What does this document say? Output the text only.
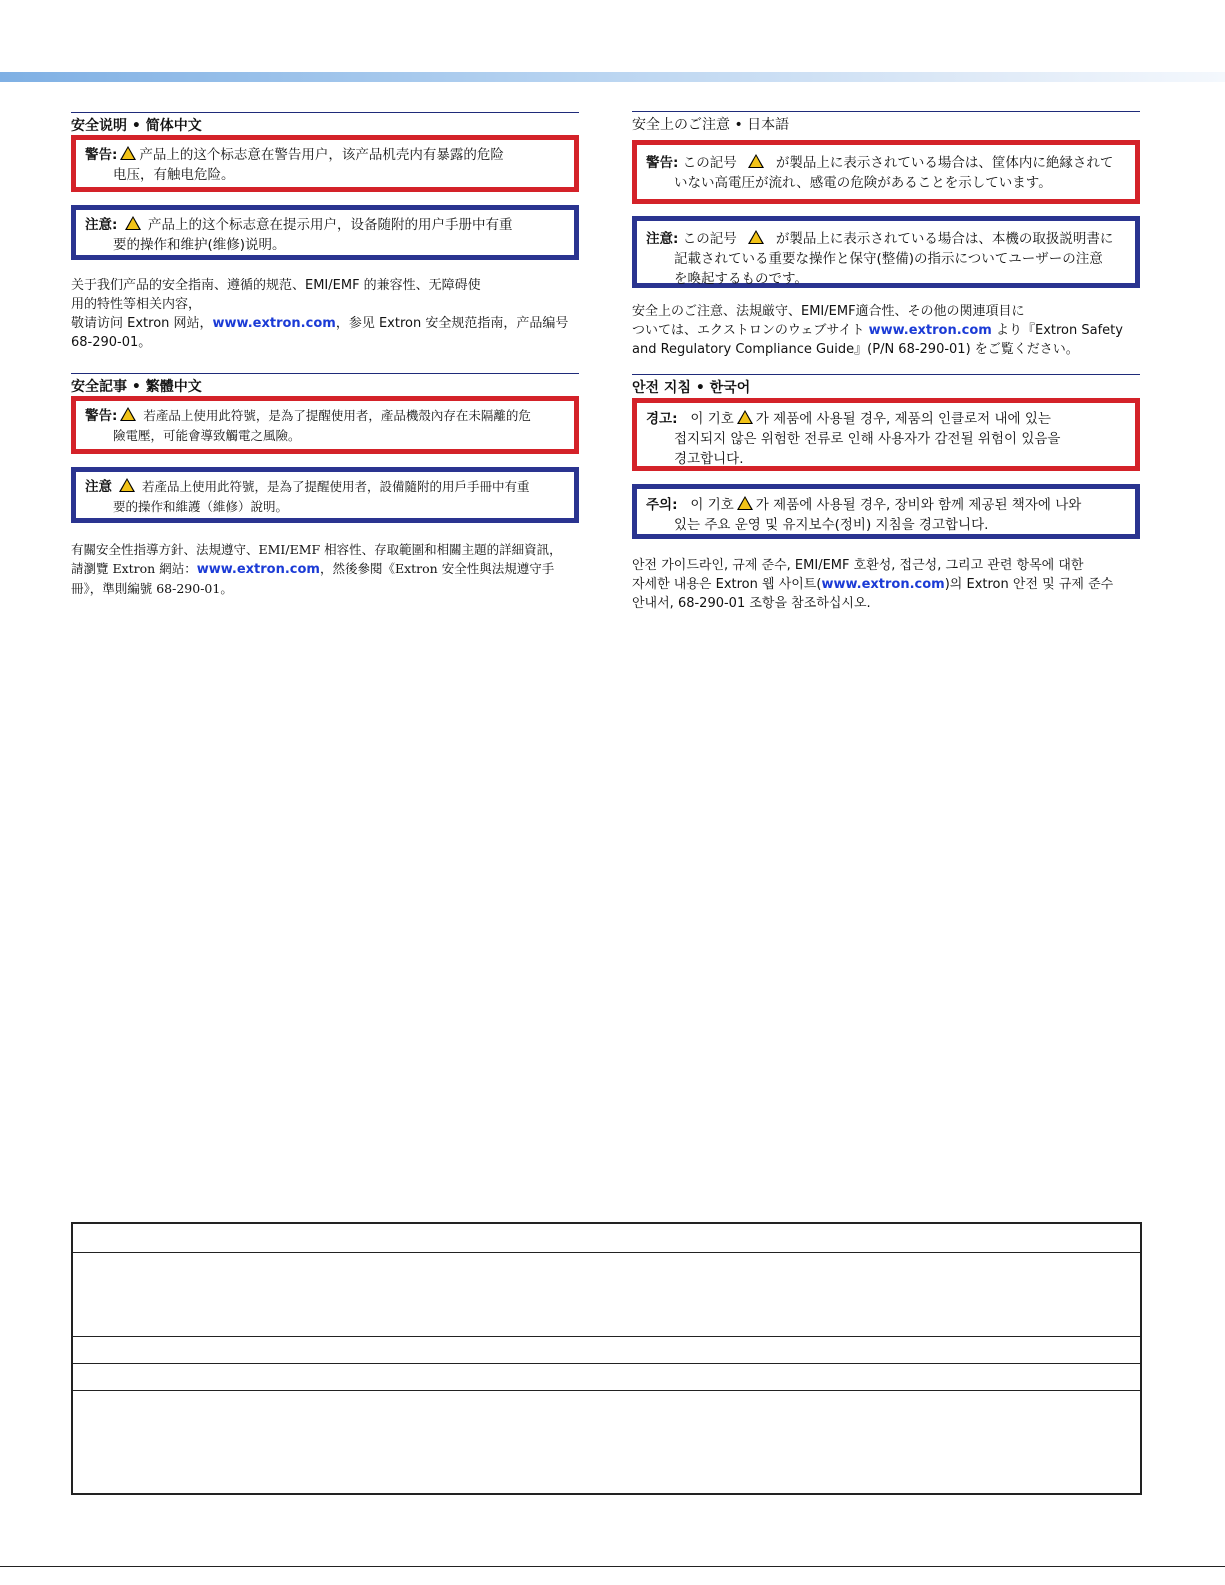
安全说明 • 简体中文
警告: 产品上的这个标志意在警告用户，该产品机壳内有暴露的危险
电压，有触电危险。
注意: 产品上的这个标志意在提示用户，设备随附的用户手册中有重
要的操作和维护(维修)说明。
关于我们产品的安全指南、遵循的规范、EMI/EMF 的兼容性、无障碍使
用的特性等相关内容，
敬请访问 Extron 网站，www.extron.com，参见 Extron 安全规范指南，产品编号
68-290-01。
安全記事 • 繁體中文
警告: 若產品上使用此符號，是為了提醒使用者，產品機殼內存在未隔離的危
險電壓，可能會導致觸電之風險。
注意 若產品上使用此符號，是為了提醒使用者，設備隨附的用戶手冊中有重
要的操作和維護（維修）說明。
有關安全性指導方針、法規遵守、EMI/EMF 相容性、存取範圍和相關主題的詳細資訊，
請瀏覽 Extron 網站：www.extron.com，然後參閱《Extron 安全性與法規遵守手
冊》，準則編號 68-290-01。
安全上のご注意 • 日本語
警告: この記号	が製品上に表示されている場合は、筐体内に絶縁されて
いない高電圧が流れ、感電の危険があることを示しています。
注意: この記号	が製品上に表示されている場合は、本機の取扱説明書に
記載されている重要な操作と保守(整備)の指示についてユーザーの注意
を喚起するものです。
安全上のご注意、法規厳守、EMI/EMF適合性、その他の関連項目に
ついては、エクストロンのウェブサイト www.extron.com より『Extron Safety
and Regulatory Compliance Guide』(P/N 68-290-01) をご覧ください。
안전 지침 • 한국어
경고: 이 기호 가 제품에 사용될 경우, 제품의 인클로저 내에 있는
접지되지 않은 위험한 전류로 인해 사용자가 감전될 위험이 있음을
경고합니다.
주의: 이 기호 가 제품에 사용될 경우, 장비와 함께 제공된 책자에 나와
있는 주요 운영 및 유지보수(정비) 지침을 경고합니다.
안전 가이드라인, 규제 준수, EMI/EMF 호환성, 접근성, 그리고 관련 항목에 대한
자세한 내용은 Extron 웹 사이트(www.extron.com)의 Extron 안전 및 규제 준수
안내서, 68-290-01 조항을 참조하십시오.
